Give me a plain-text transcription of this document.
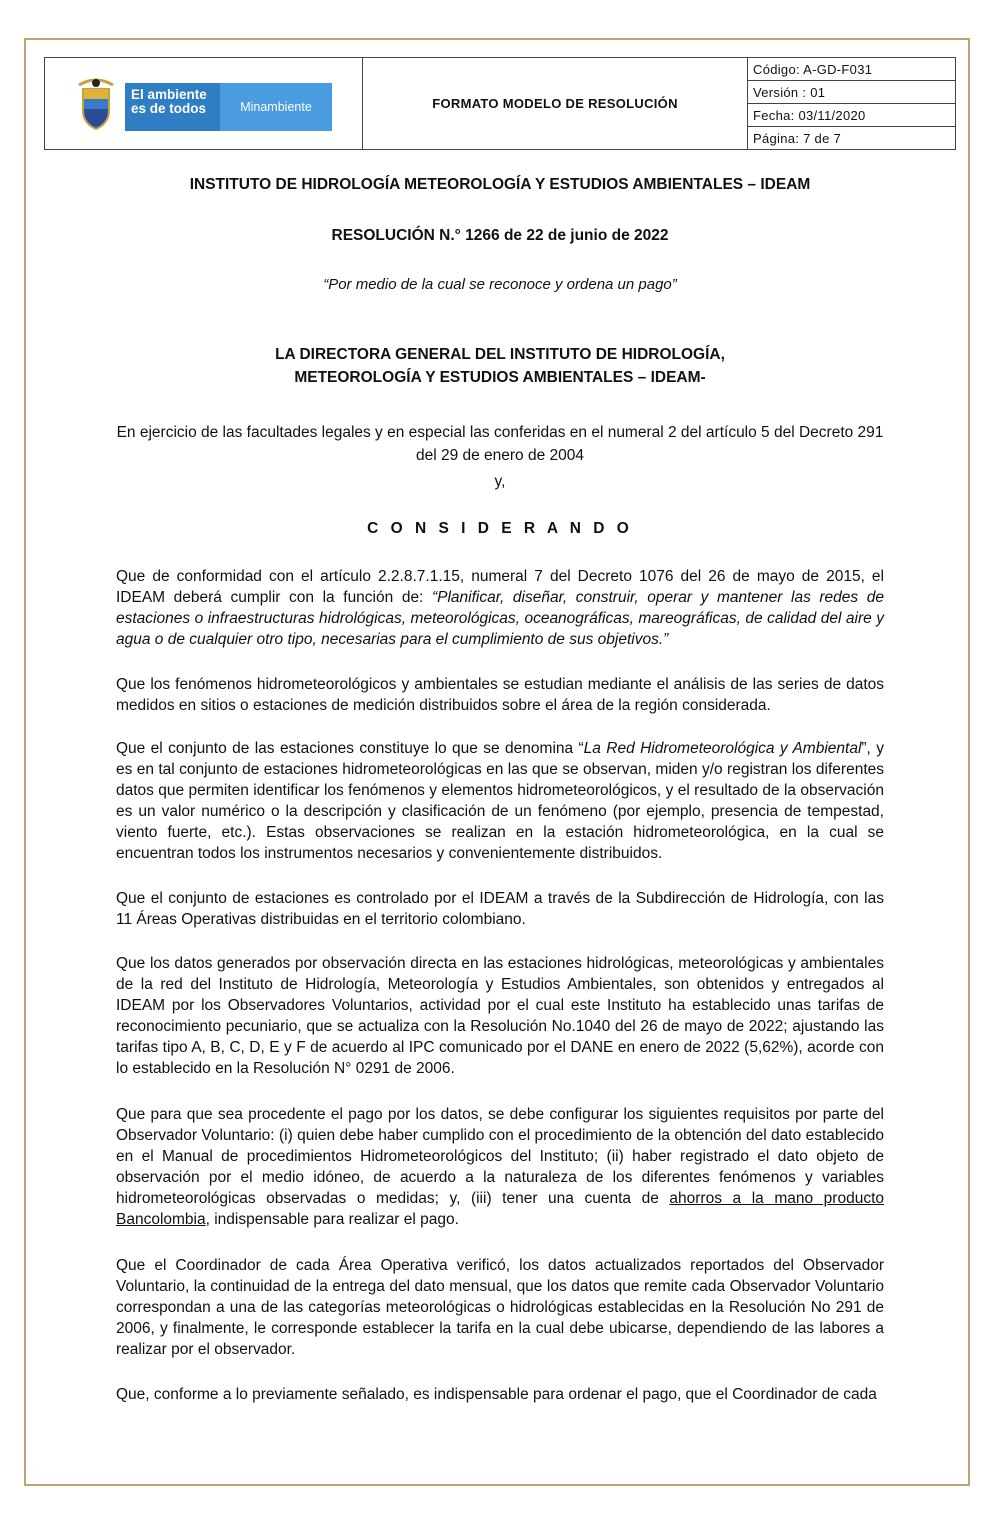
El ambiente
es de todos	Minambiente	FORMATO MODELO DE RESOLUCIÓN	Código: A-GD-F031
Versión : 01
Fecha: 03/11/2020
Página: 7 de 7
INSTITUTO DE HIDROLOGÍA METEOROLOGÍA Y ESTUDIOS AMBIENTALES – IDEAM
RESOLUCIÓN N.° 1266 de 22 de junio de 2022
“Por medio de la cual se reconoce y ordena un pago”
LA DIRECTORA GENERAL DEL INSTITUTO DE HIDROLOGÍA,
METEOROLOGÍA Y ESTUDIOS AMBIENTALES – IDEAM-
En ejercicio de las facultades legales y en especial las conferidas en el numeral 2 del artículo 5 del Decreto 291
del 29 de enero de 2004
y,
C O N S I D E R A N D O
Que de conformidad con el artículo 2.2.8.7.1.15, numeral 7 del Decreto 1076 del 26 de mayo de 2015, el IDEAM deberá cumplir con la función de: “Planificar, diseñar, construir, operar y mantener las redes de estaciones o infraestructuras hidrológicas, meteorológicas, oceanográficas, mareográficas, de calidad del aire y agua o de cualquier otro tipo, necesarias para el cumplimiento de sus objetivos.”
Que los fenómenos hidrometeorológicos y ambientales se estudian mediante el análisis de las series de datos medidos en sitios o estaciones de medición distribuidos sobre el área de la región considerada.
Que el conjunto de las estaciones constituye lo que se denomina “La Red Hidrometeorológica y Ambiental”, y es en tal conjunto de estaciones hidrometeorológicas en las que se observan, miden y/o registran los diferentes datos que permiten identificar los fenómenos y elementos hidrometeorológicos, y el resultado de la observación es un valor numérico o la descripción y clasificación de un fenómeno (por ejemplo, presencia de tempestad, viento fuerte, etc.). Estas observaciones se realizan en la estación hidrometeorológica, en la cual se encuentran todos los instrumentos necesarios y convenientemente distribuidos.
Que el conjunto de estaciones es controlado por el IDEAM a través de la Subdirección de Hidrología, con las 11 Áreas Operativas distribuidas en el territorio colombiano.
Que los datos generados por observación directa en las estaciones hidrológicas, meteorológicas y ambientales de la red del Instituto de Hidrología, Meteorología y Estudios Ambientales, son obtenidos y entregados al IDEAM por los Observadores Voluntarios, actividad por el cual este Instituto ha establecido unas tarifas de reconocimiento pecuniario, que se actualiza con la Resolución No.1040 del 26 de mayo de 2022; ajustando las tarifas tipo A, B, C, D, E y F de acuerdo al IPC comunicado por el DANE en enero de 2022 (5,62%), acorde con lo establecido en la Resolución N° 0291 de 2006.
Que para que sea procedente el pago por los datos, se debe configurar los siguientes requisitos por parte del Observador Voluntario: (i) quien debe haber cumplido con el procedimiento de la obtención del dato establecido en el Manual de procedimientos Hidrometeorológicos del Instituto; (ii) haber registrado el dato objeto de observación por el medio idóneo, de acuerdo a la naturaleza de los diferentes fenómenos y variables hidrometeorológicas observadas o medidas; y, (iii) tener una cuenta de ahorros a la mano producto Bancolombia, indispensable para realizar el pago.
Que el Coordinador de cada Área Operativa verificó, los datos actualizados reportados del Observador Voluntario, la continuidad de la entrega del dato mensual, que los datos que remite cada Observador Voluntario correspondan a una de las categorías meteorológicas o hidrológicas establecidas en la Resolución No 291 de 2006, y finalmente, le corresponde establecer la tarifa en la cual debe ubicarse, dependiendo de las labores a realizar por el observador.
Que, conforme a lo previamente señalado, es indispensable para ordenar el pago, que el Coordinador de cada
